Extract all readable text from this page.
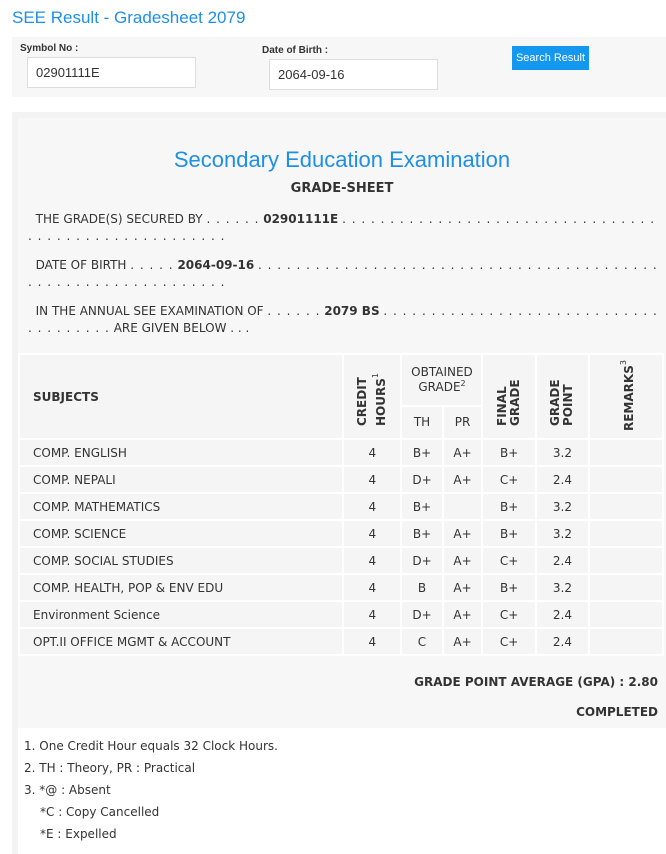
SEE Result - Gradesheet 2079
Symbol No :
02901111E
Date of Birth :
2064-09-16
Search Result
Secondary Education Examination
GRADE-SHEET
THE GRADE(S) SECURED BY . . . . . . 02901111E . . . . . . . . . . . . . . . . . . . . . . . . . . . . . . . . . . . . . . . . . . . . . . . . . . . . . .
DATE OF BIRTH . . . . . 2064-09-16 . . . . . . . . . . . . . . . . . . . . . . . . . . . . . . . . . . . . . . . . . . . . . . . . . . . . . . . . . . . . . . .
IN THE ANNUAL SEE EXAMINATION OF . . . . . . 2079 BS . . . . . . . . . . . . . . . . . . . . . . . . . . . . . . . . . . . . . . ARE GIVEN BELOW . . .
SUBJECTS	CREDIT HOURS$^1$	OBTAINED GRADE$^2$		FINAL GRADE	GRADE POINT	REMARKS$^3$
		TH	PR			
COMP. ENGLISH	4	B+	A+	B+	3.2	
COMP. NEPALI	4	D+	A+	C+	2.4	
COMP. MATHEMATICS	4	B+		B+	3.2	
COMP. SCIENCE	4	B+	A+	B+	3.2	
COMP. SOCIAL STUDIES	4	D+	A+	C+	2.4	
COMP. HEALTH, POP & ENV EDU	4	B	A+	B+	3.2	
Environment Science	4	D+	A+	C+	2.4	
OPT.II OFFICE MGMT & ACCOUNT	4	C	A+	C+	2.4	
GRADE POINT AVERAGE (GPA) : 2.80
COMPLETED
1. One Credit Hour equals 32 Clock Hours.
2. TH : Theory, PR : Practical
3. *@ : Absent
*C : Copy Cancelled
*E : Expelled
